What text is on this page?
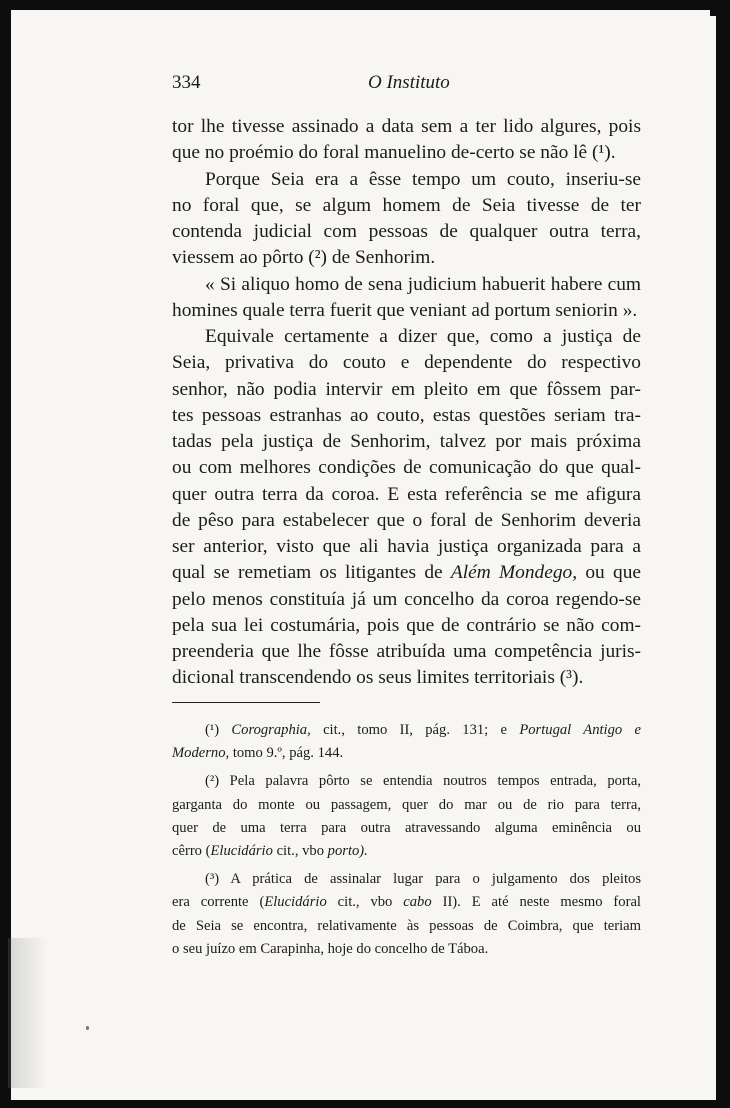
334	O Instituto
tor lhe tivesse assinado a data sem a ter lido algures, pois
que no proémio do foral manuelino de-certo se não lê (¹).
Porque Seia era a êsse tempo um couto, inseriu-se
no foral que, se algum homem de Seia tivesse de ter
contenda judicial com pessoas de qualquer outra terra,
viessem ao pôrto (²) de Senhorim.
« Si aliquo homo de sena judicium habuerit habere cum
homines quale terra fuerit que veniant ad portum seniorin ».
Equivale certamente a dizer que, como a justiça de
Seia, privativa do couto e dependente do respectivo
senhor, não podia intervir em pleito em que fôssem par-
tes pessoas estranhas ao couto, estas questões seriam tra-
tadas pela justiça de Senhorim, talvez por mais próxima
ou com melhores condições de comunicação do que qual-
quer outra terra da coroa. E esta referência se me afigura
de pêso para estabelecer que o foral de Senhorim deveria
ser anterior, visto que ali havia justiça organizada para a
qual se remetiam os litigantes de Além Mondego, ou que
pelo menos constituía já um concelho da coroa regendo-se
pela sua lei costumária, pois que de contrário se não com-
preenderia que lhe fôsse atribuída uma competência juris-
dicional transcendendo os seus limites territoriais (³).
(¹) Corographia, cit., tomo II, pág. 131; e Portugal Antigo e
Moderno, tomo 9.º, pág. 144.
(²) Pela palavra pôrto se entendia noutros tempos entrada, porta,
garganta do monte ou passagem, quer do mar ou de rio para terra,
quer de uma terra para outra atravessando alguma eminência ou
cêrro (Elucidário cit., vbo porto).
(³) A prática de assinalar lugar para o julgamento dos pleitos
era corrente (Elucidário cit., vbo cabo II). E até neste mesmo foral
de Seia se encontra, relativamente às pessoas de Coimbra, que teriam
o seu juízo em Carapinha, hoje do concelho de Táboa.
